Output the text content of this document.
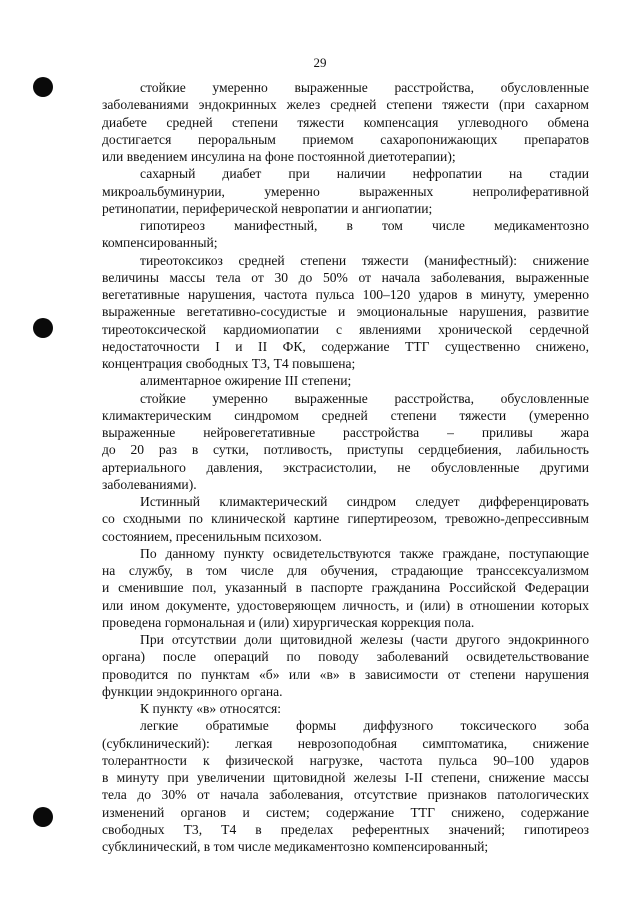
29
стойкие умеренно выраженные расстройства, обусловленные
заболеваниями эндокринных желез средней степени тяжести (при сахарном
диабете средней степени тяжести компенсация углеводного обмена
достигается пероральным приемом сахаропонижающих препаратов
или введением инсулина на фоне постоянной диетотерапии);
сахарный диабет при наличии нефропатии на стадии
микроальбуминурии, умеренно выраженных непролиферативной
ретинопатии, периферической невропатии и ангиопатии;
гипотиреоз манифестный, в том числе медикаментозно
компенсированный;
тиреотоксикоз средней степени тяжести (манифестный): снижение
величины массы тела от 30 до 50% от начала заболевания, выраженные
вегетативные нарушения, частота пульса 100–120 ударов в минуту, умеренно
выраженные вегетативно-сосудистые и эмоциональные нарушения, развитие
тиреотоксической кардиомиопатии с явлениями хронической сердечной
недостаточности I и II ФК, содержание ТТГ существенно снижено,
концентрация свободных Т3, Т4 повышена;
алиментарное ожирение III степени;
стойкие умеренно выраженные расстройства, обусловленные
климактерическим синдромом средней степени тяжести (умеренно
выраженные нейровегетативные расстройства – приливы жара
до 20 раз в сутки, потливость, приступы сердцебиения, лабильность
артериального давления, экстрасистолии, не обусловленные другими
заболеваниями).
Истинный климактерический синдром следует дифференцировать
со сходными по клинической картине гипертиреозом, тревожно-депрессивным
состоянием, пресенильным психозом.
По данному пункту освидетельствуются также граждане, поступающие
на службу, в том числе для обучения, страдающие транссексуализмом
и сменившие пол, указанный в паспорте гражданина Российской Федерации
или ином документе, удостоверяющем личность, и (или) в отношении которых
проведена гормональная и (или) хирургическая коррекция пола.
При отсутствии доли щитовидной железы (части другого эндокринного
органа) после операций по поводу заболеваний освидетельствование
проводится по пунктам «б» или «в» в зависимости от степени нарушения
функции эндокринного органа.
К пункту «в» относятся:
легкие обратимые формы диффузного токсического зоба
(субклинический): легкая неврозоподобная симптоматика, снижение
толерантности к физической нагрузке, частота пульса 90–100 ударов
в минуту при увеличении щитовидной железы I-II степени, снижение массы
тела до 30% от начала заболевания, отсутствие признаков патологических
изменений органов и систем; содержание ТТГ снижено, содержание
свободных Т3, Т4 в пределах референтных значений; гипотиреоз
субклинический, в том числе медикаментозно компенсированный;
